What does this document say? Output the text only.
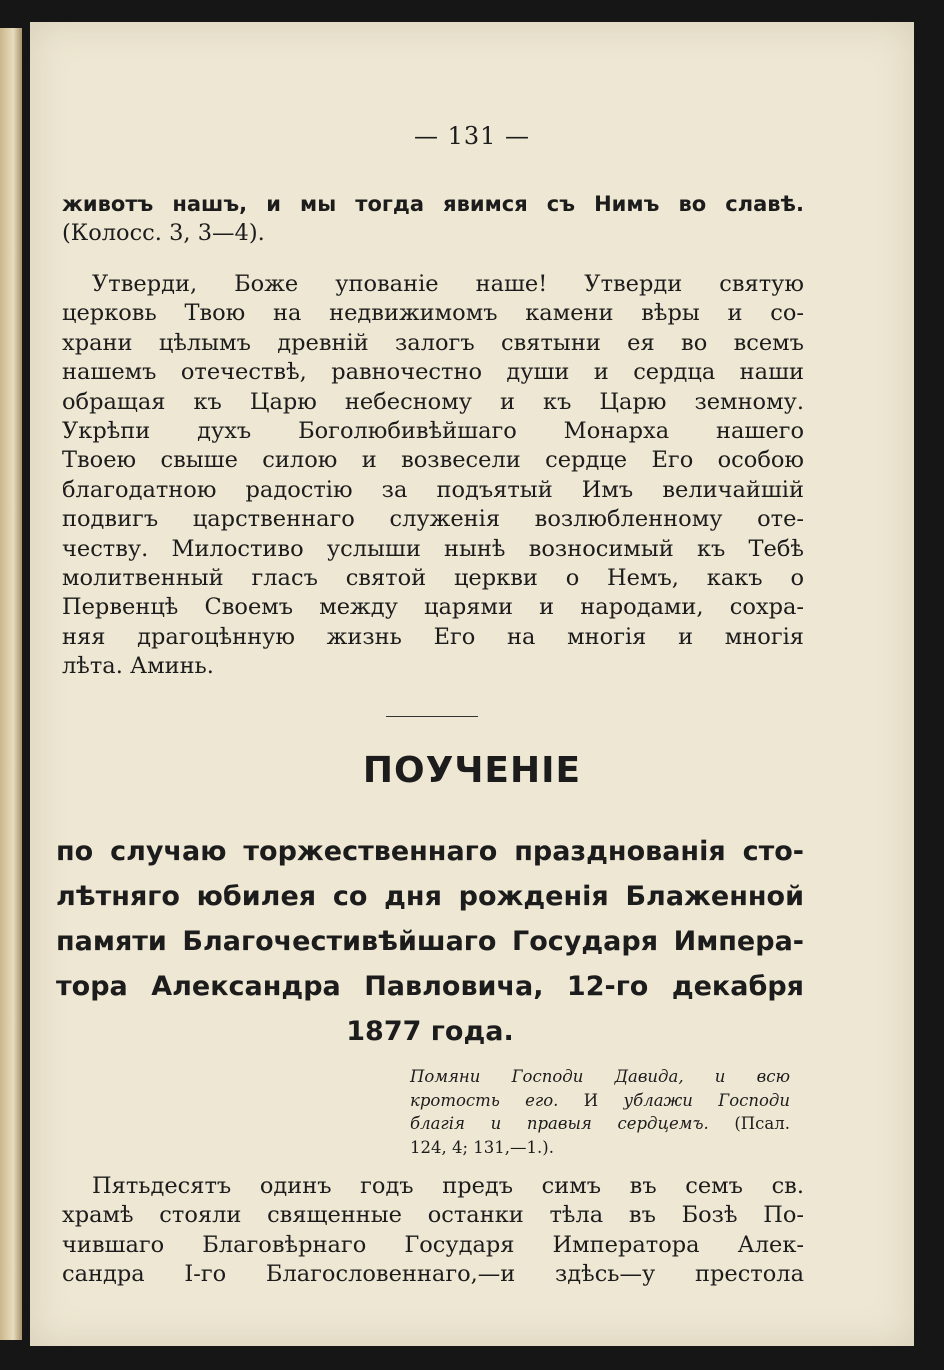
— 131 —
животъ нашъ, и мы тогда явимся съ Нимъ во славѣ.
(Колосс. 3, 3—4).
Утверди, Боже упованіе наше! Утверди святую
церковь Твою на недвижимомъ камени вѣры и со-
храни цѣлымъ древній залогъ святыни ея во всемъ
нашемъ отечествѣ, равночестно души и сердца наши
обращая къ Царю небесному и къ Царю земному.
Укрѣпи духъ Боголюбивѣйшаго Монарха нашего
Твоею свыше силою и возвесели сердце Его особою
благодатною радостію за подъятый Имъ величайшій
подвигъ царственнаго служенія возлюбленному оте-
честву. Милостиво услыши нынѣ возносимый къ Тебѣ
молитвенный гласъ святой церкви о Немъ, какъ о
Первенцѣ Своемъ между царями и народами, сохра-
няя драгоцѣнную жизнь Его на многія и многія
лѣта. Аминь.
ПОУЧЕНІЕ
по случаю торжественнаго празднованія сто-
лѣтняго юбилея со дня рожденія Блаженной
памяти Благочестивѣйшаго Государя Импера-
тора Александра Павловича, 12-го декабря
1877 года.
Помяни Господи Давида, и всю
кротость его. И ублажи Господи
благія и правыя сердцемъ. (Псал.
124, 4; 131,—1.).
Пятьдесятъ одинъ годъ предъ симъ въ семъ св.
храмѣ стояли священные останки тѣла въ Бозѣ По-
чившаго Благовѣрнаго Государя Императора Алек-
сандра I-го Благословеннаго,—и здѣсь—у престола
